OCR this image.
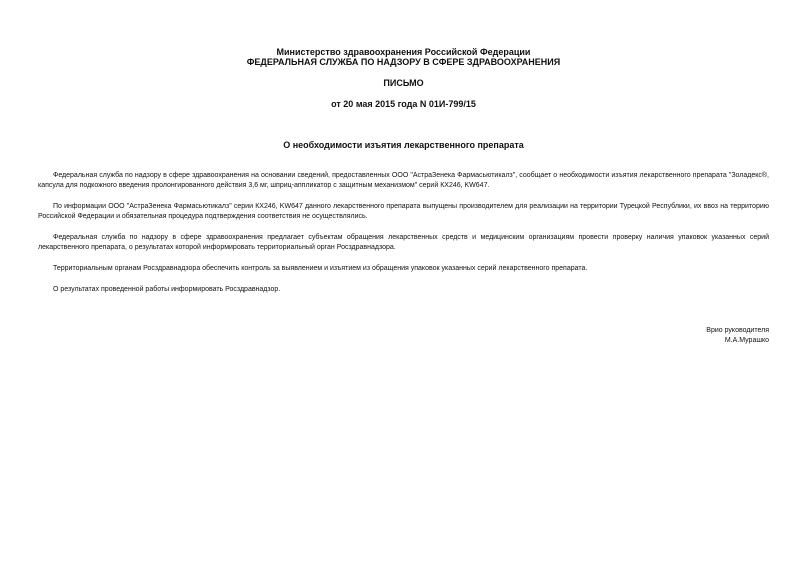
Министерство здравоохранения Российской Федерации
ФЕДЕРАЛЬНАЯ СЛУЖБА ПО НАДЗОРУ В СФЕРЕ ЗДРАВООХРАНЕНИЯ
ПИСЬМО
от 20 мая 2015 года N 01И-799/15
О необходимости изъятия лекарственного препарата
Федеральная служба по надзору в сфере здравоохранения на основании сведений, предоставленных ООО "АстраЗенека Фармасьютикалз", сообщает о необходимости изъятия лекарственного препарата "Золадекс®, капсула для подкожного введения пролонгированного действия 3,6 мг, шприц-аппликатор с защитным механизмом" серий КХ246, KW647.
По информации ООО "АстраЗенека Фармасьютикалз" серии КХ246, KW647 данного лекарственного препарата выпущены производителем для реализации на территории Турецкой Республики, их ввоз на территорию Российской Федерации и обязательная процедура подтверждения соответствия не осуществлялись.
Федеральная служба по надзору в сфере здравоохранения предлагает субъектам обращения лекарственных средств и медицинским организациям провести проверку наличия упаковок указанных серий лекарственного препарата, о результатах которой информировать территориальный орган Росздравнадзора.
Территориальным органам Росздравнадзора обеспечить контроль за выявлением и изъятием из обращения упаковок указанных серий лекарственного препарата.
О результатах проведенной работы информировать Росздравнадзор.
Врио руководителя
М.А.Мурашко
